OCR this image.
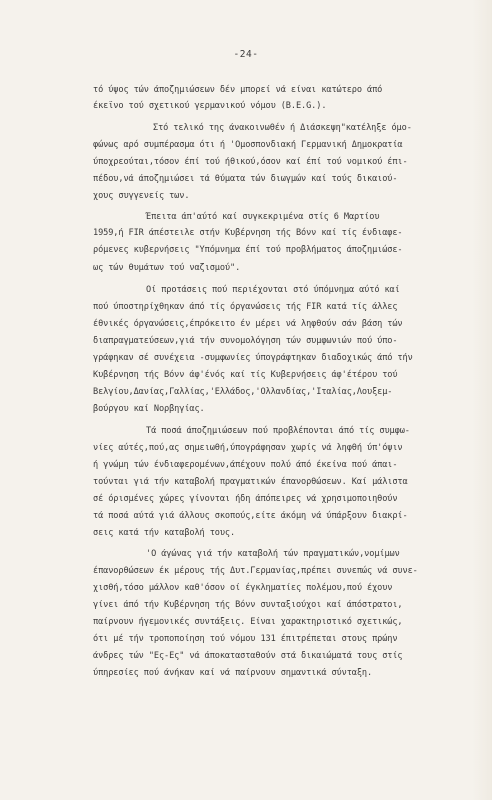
-24-
τό ύψος τών άποζημιώσεων δέν μπορεί νά είναι κατώτερο άπό
έκεϊνο τού σχετικού γερμανικού νόμου (B.E.G.).
Στό τελικό της άνακοινωθέν ή Διάσκεψη"κατέληξε όμο-
φώνως αρό συμπέρασμα ότι ή 'Ομοσπονδιακή Γερμανική Δημοκρατία
ύποχρεούται,τόσον έπί τού ήθικού,όσον καί έπί τού νομικού έπι-
πέδου,νά άποζημιώσει τά θύματα τών διωγμών καί τούς δικαιού-
χους συγγενείς των.
Έπειτα άπ'αύτό καί συγκεκριμένα στίς 6 Μαρτίου
1959,ή FIR άπέστειλε στήν Κυβέρνηση τής Βόνν καί τίς ένδιαφε-
ρόμενες κυβερνήσεις "Υπόμνημα έπί τού προβλήματος άποζημιώσε-
ως τών θυμάτων τού ναζισμού".
Οί προτάσεις πού περιέχονται στό ύπόμνημα αύτό καί
πού ύποστηρίχθηκαν άπό τίς όργανώσεις τής FIR κατά τίς άλλες
έθνικές όργανώσεις,έπρόκειτο έν μέρει νά ληφθούν σάν βάση τών
διαπραγματεύσεων,γιά τήν συνομολόγηση τών συμφωνιών πού ύπο-
γράφηκαν σέ συνέχεια -συμφωνίες ύπογράφτηκαν διαδοχικώς άπό τήν
Κυβέρνηση τής Βόνν άφ'ένός καί τίς Κυβερνήσεις άφ'έτέρου τού
Βελγίου,Δανίας,Γαλλίας,'Ελλάδος,'Ολλανδίας,'Ιταλίας,Λουξεμ-
βούργου καί Νορβηγίας.
Τά ποσά άποζημιώσεων πού προβλέπονται άπό τίς συμφω-
νίες αύτές,πού,ας σημειωθή,ύπογράφησαν χωρίς νά ληφθή ύπ'όψιν
ή γνώμη τών ένδιαφερομένων,άπέχουν πολύ άπό έκείνα πού άπαι-
τούνται γιά τήν καταβολή πραγματικών έπανορθώσεων. Καί μάλιστα
σέ όρισμένες χώρες γίνονται ήδη άπόπειρες νά χρησιμοποιηθούν
τά ποσά αύτά γιά άλλους σκοπούς,είτε άκόμη νά ύπάρξουν διακρί-
σεις κατά τήν καταβολή τους.
'Ο άγώνας γιά τήν καταβολή τών πραγματικών,νομίμων
έπανορθώσεων έκ μέρους τής Δυτ.Γερμανίας,πρέπει συνεπώς νά συνε-
χισθή,τόσο μάλλον καθ'όσον οί έγκληματίες πολέμου,πού έχουν
γίνει άπό τήν Κυβέρνηση τής Βόνν συνταξιούχοι καί άπόστρατοι,
παίρνουν ήγεμονικές συντάξεις. Είναι χαρακτηριστικό σχετικώς,
ότι μέ τήν τροποποίηση τού νόμου 131 έπιτρέπεται στους πρώην
άνδρες τών "Ες-Ες" νά άποκατασταθούν στά δικαιώματά τους στίς
ύπηρεσίες πού άνήκαν καί νά παίρνουν σημαντικά σύνταξη.
